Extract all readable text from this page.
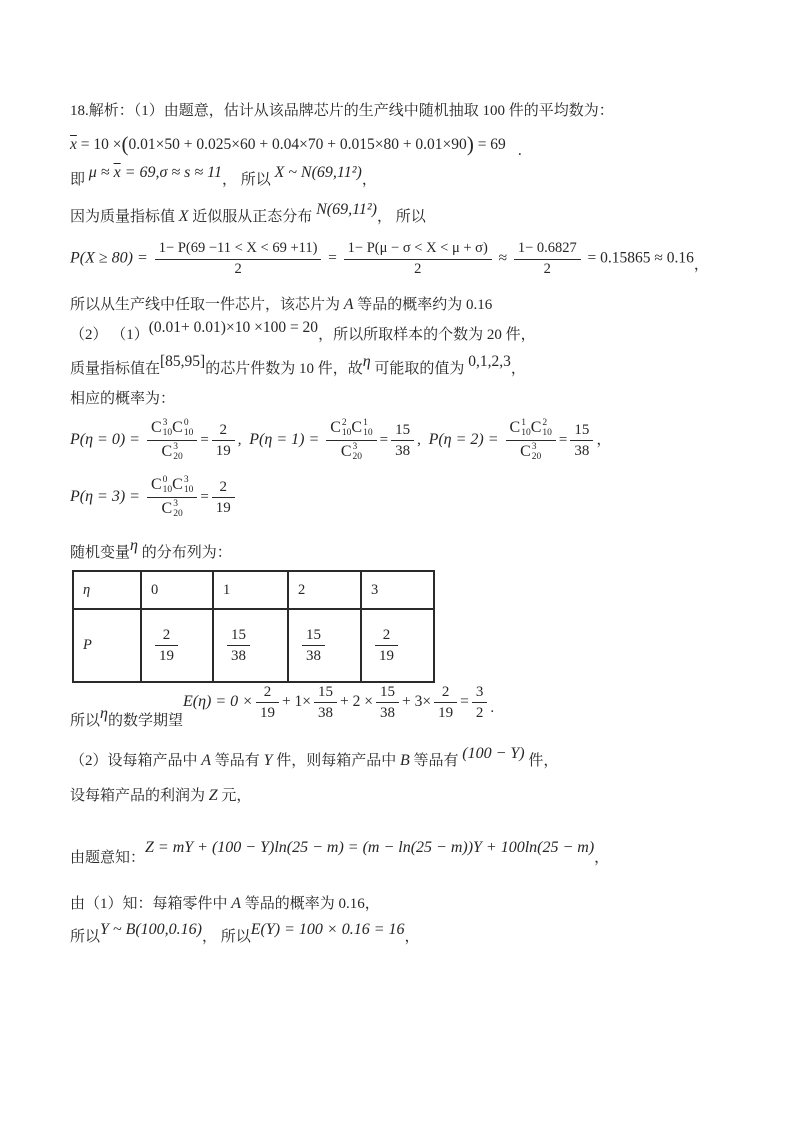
18.解析：（1）由题意，估计从该品牌芯片的生产线中随机抽取 100 件的平均数为：

$\overline{x} = 10 \times(0.01\times 50 + 0.025\times 60 + 0.04\times 70 + 0.015\times 80 + 0.01\times 90) = 69$ .

即 $\mu \approx \overline{x} = 69,\sigma \approx s \approx 11$， 所以 X ~ N(69,11²)，

因为质量指标值 X 近似服从正态分布 N(69,11²)， 所以

$P(X \ge 80) = \frac{1- P(69 -11 < X < 69 +11)}{2} = \frac{1- P(\mu - \sigma < X < \mu + \sigma)}{2} \approx \frac{1- 0.6827}{2} = 0.15865 \approx 0.16$，

所以从生产线中任取一件芯片，该芯片为 A 等品的概率约为 0.16

（2） （1）(0.01+ 0.01)×10 ×100 = 20，所以所取样本的个数为 20 件，

质量指标值在[85,95]的芯片件数为 10 件，故η 可能取的值为 0,1,2,3，

相应的概率为：

P(η = 0) = C 3
10 C 0
10
C 3
$20 = \frac{2}{19}$ , P(η = 1) = C 2
10 C 1
10
C 3
$20 = \frac{15}{38}$ , P(η = 2) = C 1
10 C 2
10
C 3
$20 = \frac{15}{38}$ ，
P(η = 3) = C 0
10 C 3
10
C 3
$20 = \frac{2}{19}$

随机变量η 的分布列为：

η	0	1	2	3
P	$\frac{2}{19}$	$\frac{15}{38}$	$\frac{15}{38}$	$\frac{2}{19}$
所以 η 的数学期望
$E(\eta) = 0 \times \frac{2}{19} + 1\times \frac{15}{38} + 2 \times \frac{15}{38} + 3\times \frac{2}{19} = \frac{3}{2}$ .

（2）设每箱产品中 A 等品有 Y 件，则每箱产品中 B 等品有 (100 − Y) 件，

设每箱产品的利润为 Z 元，

由题意知：Z = mY + (100 − Y)ln(25 − m) = (m − ln(25 − m))Y + 100ln(25 − m)，

由（1）知：每箱零件中 A 等品的概率为 0.16，

所以Y ~ B(100,0.16)， 所以E(Y) = 100 × 0.16 = 16，
